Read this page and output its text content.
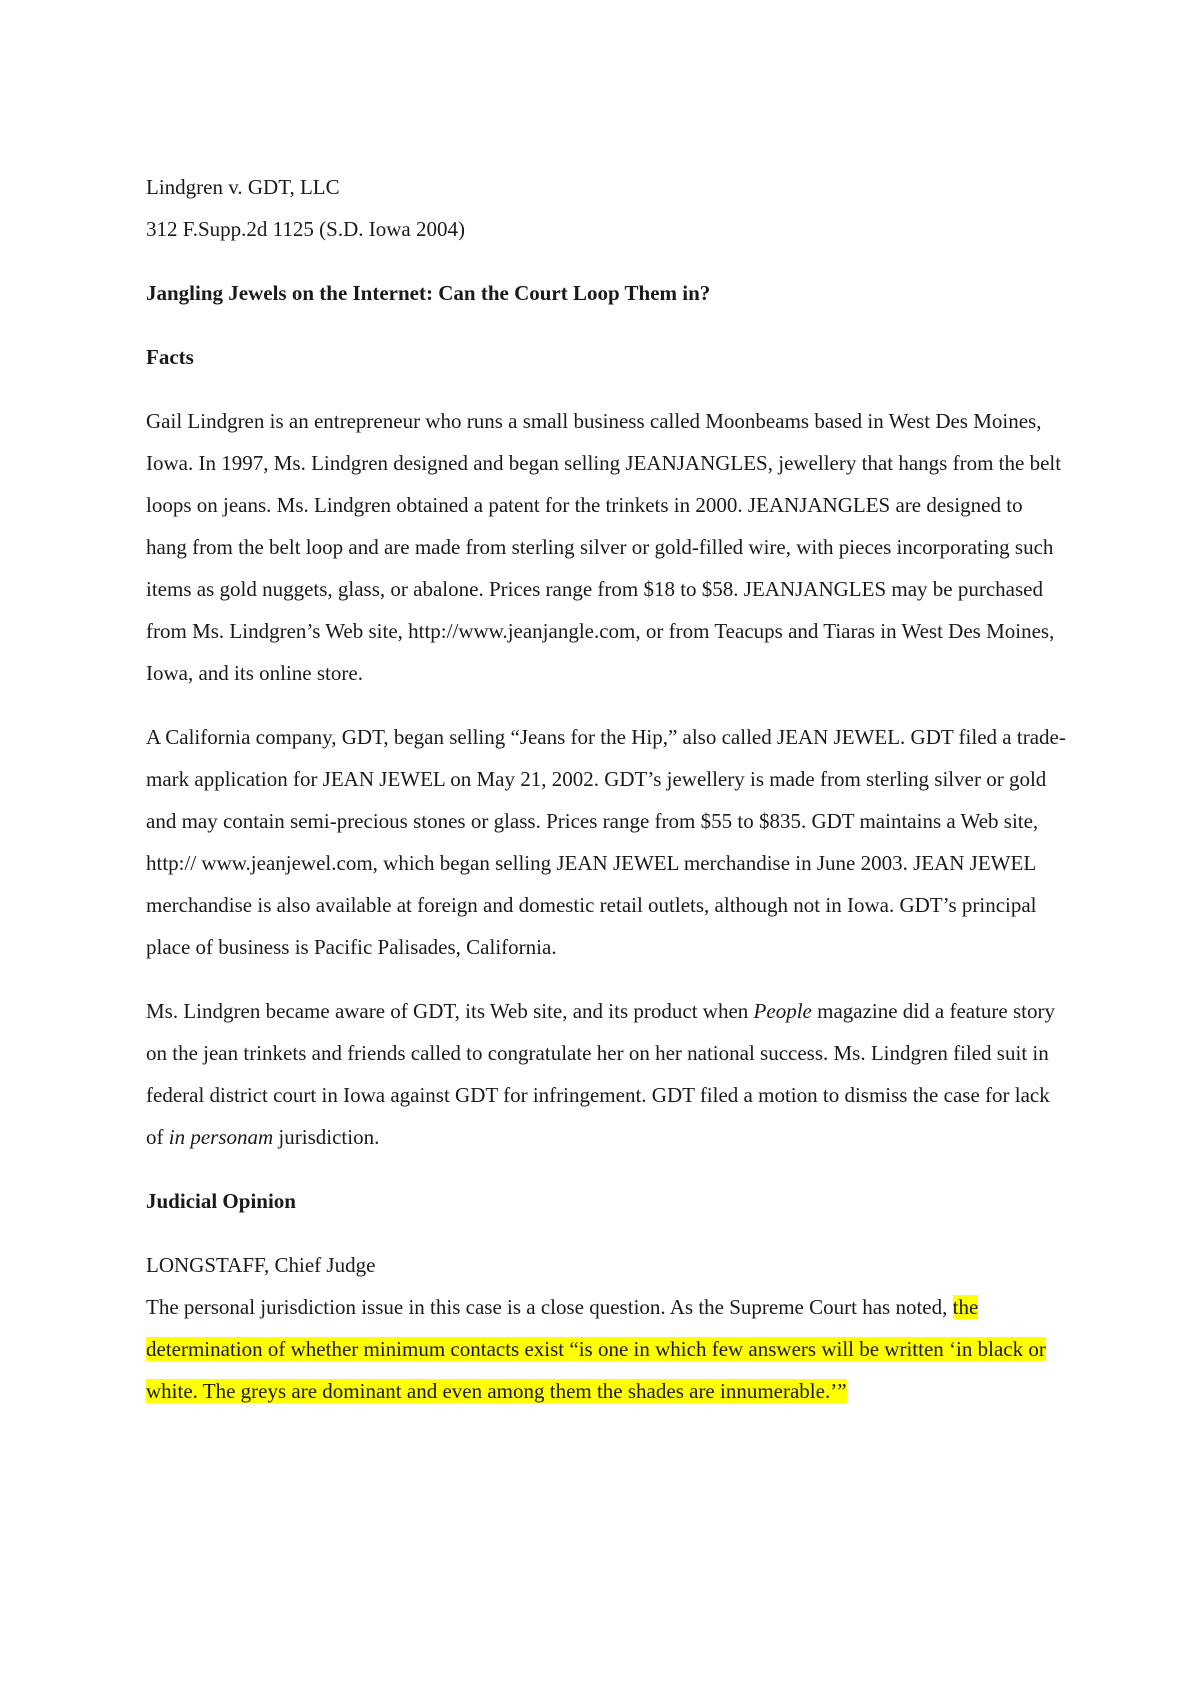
Lindgren v. GDT, LLC
312 F.Supp.2d 1125 (S.D. Iowa 2004)
Jangling Jewels on the Internet: Can the Court Loop Them in?
Facts

Gail Lindgren is an entrepreneur who runs a small business called Moonbeams based in West Des Moines, Iowa. In 1997, Ms. Lindgren designed and began selling JEANJANGLES, jewellery that hangs from the belt loops on jeans. Ms. Lindgren obtained a patent for the trinkets in 2000. JEANJANGLES are designed to hang from the belt loop and are made from sterling silver or gold-filled wire, with pieces incorporating such items as gold nuggets, glass, or abalone. Prices range from $18 to $58. JEANJANGLES may be purchased from Ms. Lindgren’s Web site, http://www.jeanjangle.com, or from Teacups and Tiaras in West Des Moines, Iowa, and its online store.

A California company, GDT, began selling “Jeans for the Hip,” also called JEAN JEWEL. GDT filed a trade- mark application for JEAN JEWEL on May 21, 2002. GDT’s jewellery is made from sterling silver or gold and may contain semi-precious stones or glass. Prices range from $55 to $835. GDT maintains a Web site, http:// www.jeanjewel.com, which began selling JEAN JEWEL merchandise in June 2003. JEAN JEWEL merchandise is also available at foreign and domestic retail outlets, although not in Iowa. GDT’s principal place of business is Pacific Palisades, California.

Ms. Lindgren became aware of GDT, its Web site, and its product when People magazine did a feature story on the jean trinkets and friends called to congratulate her on her national success. Ms. Lindgren filed suit in federal district court in Iowa against GDT for infringement. GDT filed a motion to dismiss the case for lack of in personam jurisdiction.

Judicial Opinion
LONGSTAFF, Chief Judge

The personal jurisdiction issue in this case is a close question. As the Supreme Court has noted, the determination of whether minimum contacts exist “is one in which few answers will be written ‘in black or white. The greys are dominant and even among them the shades are innumerable.’”
